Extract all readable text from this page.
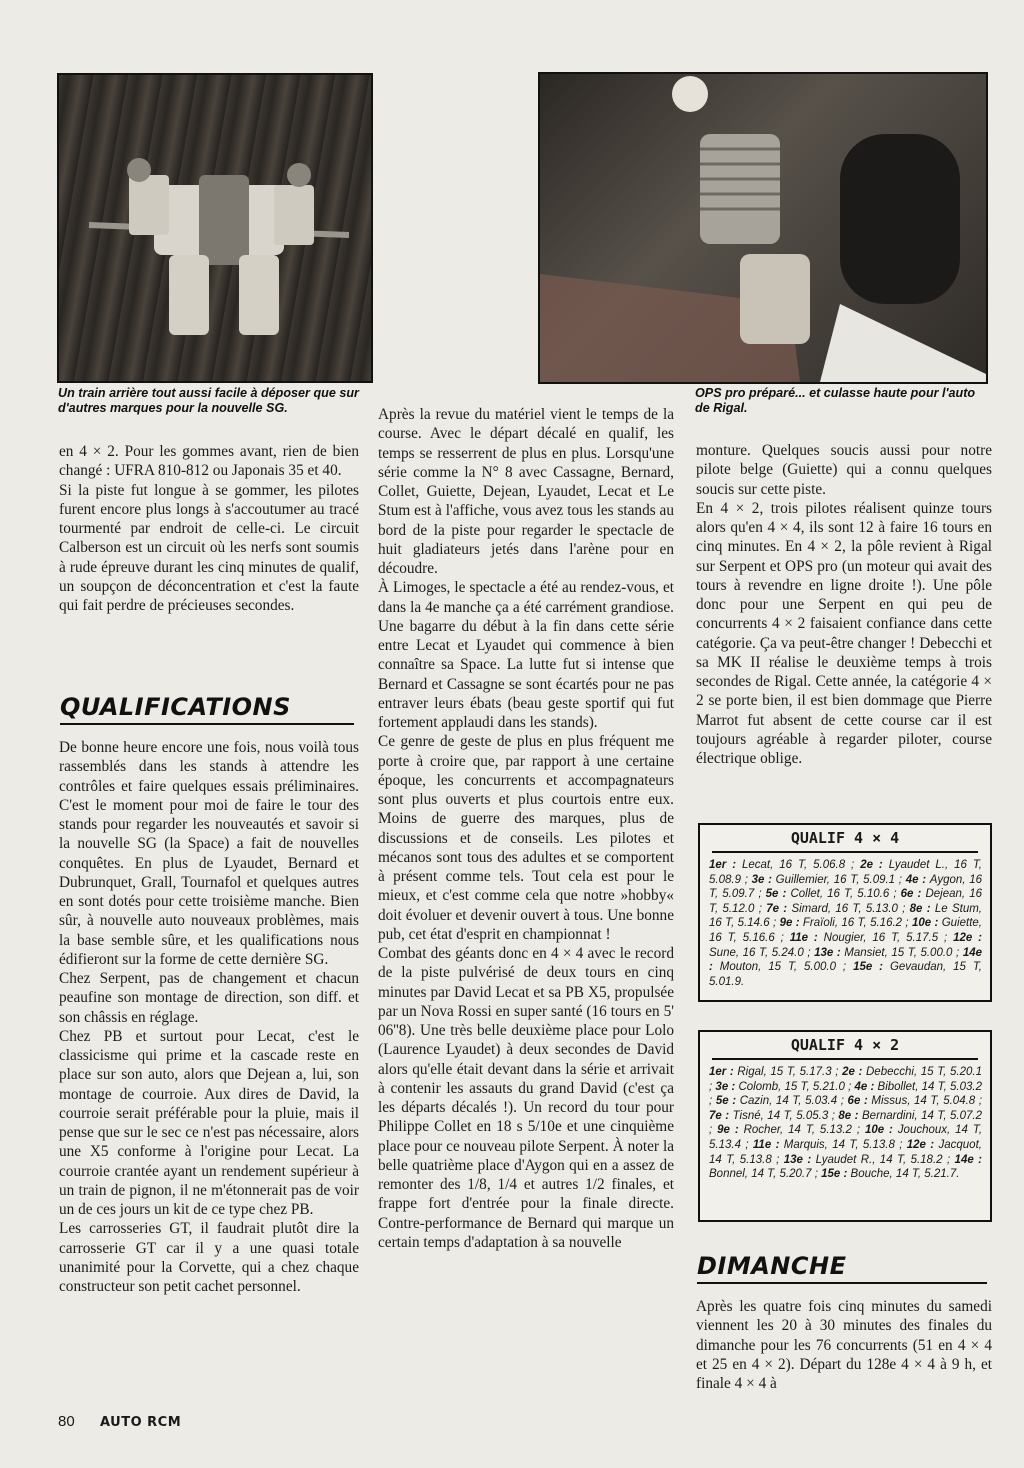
Un train arrière tout aussi facile à déposer que sur d'autres marques pour la nouvelle SG.
OPS pro préparé... et culasse haute pour l'auto de Rigal.

en 4 × 2. Pour les gommes avant, rien de bien changé : UFRA 810-812 ou Japonais 35 et 40.

Si la piste fut longue à se gommer, les pilotes furent encore plus longs à s'accoutumer au tracé tourmenté par endroit de celle-ci. Le circuit Calberson est un circuit où les nerfs sont soumis à rude épreuve durant les cinq minutes de qualif, un soupçon de déconcentration et c'est la faute qui fait perdre de précieuses secondes.

QUALIFICATIONS

De bonne heure encore une fois, nous voilà tous rassemblés dans les stands à attendre les contrôles et faire quelques essais préliminaires. C'est le moment pour moi de faire le tour des stands pour regarder les nouveautés et savoir si la nouvelle SG (la Space) a fait de nouvelles conquêtes. En plus de Lyaudet, Bernard et Dubrunquet, Grall, Tournafol et quelques autres en sont dotés pour cette troisième manche. Bien sûr, à nouvelle auto nouveaux problèmes, mais la base semble sûre, et les qualifications nous édifieront sur la forme de cette dernière SG.

Chez Serpent, pas de changement et chacun peaufine son montage de direction, son diff. et son châssis en réglage.

Chez PB et surtout pour Lecat, c'est le classicisme qui prime et la cascade reste en place sur son auto, alors que Dejean a, lui, son montage de courroie. Aux dires de David, la courroie serait préférable pour la pluie, mais il pense que sur le sec ce n'est pas nécessaire, alors une X5 conforme à l'origine pour Lecat. La courroie crantée ayant un rendement supérieur à un train de pignon, il ne m'étonnerait pas de voir un de ces jours un kit de ce type chez PB.

Les carrosseries GT, il faudrait plutôt dire la carrosserie GT car il y a une quasi totale unanimité pour la Corvette, qui a chez chaque constructeur son petit cachet personnel.

Après la revue du matériel vient le temps de la course. Avec le départ décalé en qualif, les temps se resserrent de plus en plus. Lorsqu'une série comme la N° 8 avec Cassagne, Bernard, Collet, Guiette, Dejean, Lyaudet, Lecat et Le Stum est à l'affiche, vous avez tous les stands au bord de la piste pour regarder le spectacle de huit gladiateurs jetés dans l'arène pour en découdre.

À Limoges, le spectacle a été au rendez-vous, et dans la 4e manche ça a été carrément grandiose. Une bagarre du début à la fin dans cette série entre Lecat et Lyaudet qui commence à bien connaître sa Space. La lutte fut si intense que Bernard et Cassagne se sont écartés pour ne pas entraver leurs ébats (beau geste sportif qui fut fortement applaudi dans les stands).

Ce genre de geste de plus en plus fréquent me porte à croire que, par rapport à une certaine époque, les concurrents et accompagnateurs sont plus ouverts et plus courtois entre eux. Moins de guerre des marques, plus de discussions et de conseils. Les pilotes et mécanos sont tous des adultes et se comportent à présent comme tels. Tout cela est pour le mieux, et c'est comme cela que notre »hobby« doit évoluer et devenir ouvert à tous. Une bonne pub, cet état d'esprit en championnat !

Combat des géants donc en 4 × 4 avec le record de la piste pulvérisé de deux tours en cinq minutes par David Lecat et sa PB X5, propulsée par un Nova Rossi en super santé (16 tours en 5' 06''8). Une très belle deuxième place pour Lolo (Laurence Lyaudet) à deux secondes de David alors qu'elle était devant dans la série et arrivait à contenir les assauts du grand David (c'est ça les départs décalés !). Un record du tour pour Philippe Collet en 18 s 5/10e et une cinquième place pour ce nouveau pilote Serpent. À noter la belle quatrième place d'Aygon qui en a assez de remonter des 1/8, 1/4 et autres 1/2 finales, et frappe fort d'entrée pour la finale directe. Contre-performance de Bernard qui marque un certain temps d'adaptation à sa nouvelle

monture. Quelques soucis aussi pour notre pilote belge (Guiette) qui a connu quelques soucis sur cette piste.

En 4 × 2, trois pilotes réalisent quinze tours alors qu'en 4 × 4, ils sont 12 à faire 16 tours en cinq minutes. En 4 × 2, la pôle revient à Rigal sur Serpent et OPS pro (un moteur qui avait des tours à revendre en ligne droite !). Une pôle donc pour une Serpent en qui peu de concurrents 4 × 2 faisaient confiance dans cette catégorie. Ça va peut-être changer ! Debecchi et sa MK II réalise le deuxième temps à trois secondes de Rigal. Cette année, la catégorie 4 × 2 se porte bien, il est bien dommage que Pierre Marrot fut absent de cette course car il est toujours agréable à regarder piloter, course électrique oblige.

QUALIF 4 × 4
1er : Lecat, 16 T, 5.06.8 ; 2e : Lyaudet L., 16 T, 5.08.9 ; 3e : Guillemier, 16 T, 5.09.1 ; 4e : Aygon, 16 T, 5.09.7 ; 5e : Collet, 16 T, 5.10.6 ; 6e : Dejean, 16 T, 5.12.0 ; 7e : Simard, 16 T, 5.13.0 ; 8e : Le Stum, 16 T, 5.14.6 ; 9e : Fraïoli, 16 T, 5.16.2 ; 10e : Guiette, 16 T, 5.16.6 ; 11e : Nougier, 16 T, 5.17.5 ; 12e : Sune, 16 T, 5.24.0 ; 13e : Mansiet, 15 T, 5.00.0 ; 14e : Mouton, 15 T, 5.00.0 ; 15e : Gevaudan, 15 T, 5.01.9.
QUALIF 4 × 2
1er : Rigal, 15 T, 5.17.3 ; 2e : Debecchi, 15 T, 5.20.1 ; 3e : Colomb, 15 T, 5.21.0 ; 4e : Bibollet, 14 T, 5.03.2 ; 5e : Cazin, 14 T, 5.03.4 ; 6e : Missus, 14 T, 5.04.8 ; 7e : Tisné, 14 T, 5.05.3 ; 8e : Bernardini, 14 T, 5.07.2 ; 9e : Rocher, 14 T, 5.13.2 ; 10e : Jouchoux, 14 T, 5.13.4 ; 11e : Marquis, 14 T, 5.13.8 ; 12e : Jacquot, 14 T, 5.13.8 ; 13e : Lyaudet R., 14 T, 5.18.2 ; 14e : Bonnel, 14 T, 5.20.7 ; 15e : Bouche, 14 T, 5.21.7.
DIMANCHE

Après les quatre fois cinq minutes du samedi viennent les 20 à 30 minutes des finales du dimanche pour les 76 concurrents (51 en 4 × 4 et 25 en 4 × 2). Départ du 128e 4 × 4 à 9 h, et finale 4 × 4 à

80 AUTO RCM
